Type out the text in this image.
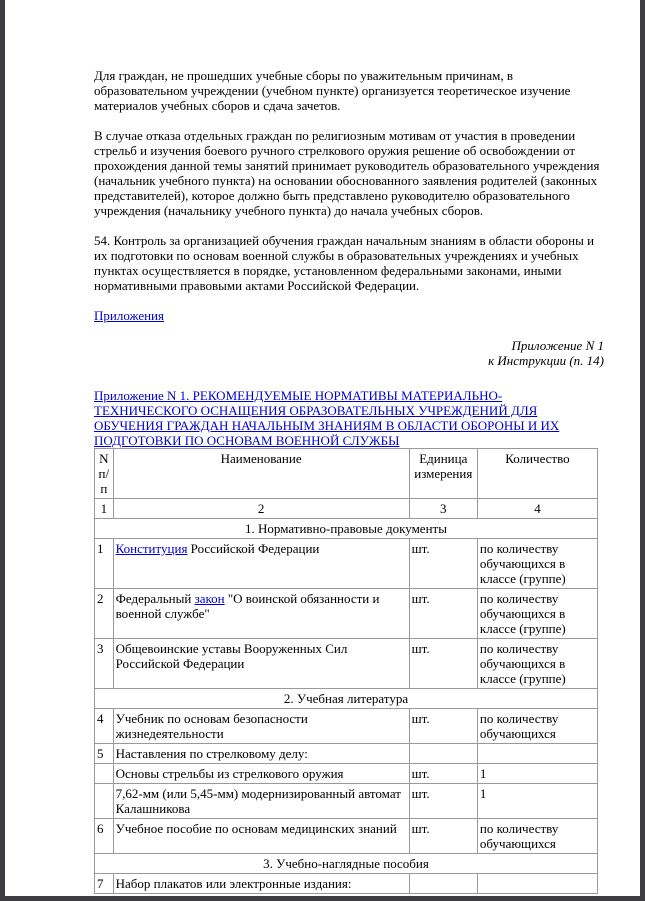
Для граждан, не прошедших учебные сборы по уважительным причинам, в образовательном учреждении (учебном пункте) организуется теоретическое изучение материалов учебных сборов и сдача зачетов.

В случае отказа отдельных граждан по религиозным мотивам от участия в проведении стрельб и изучения боевого ручного стрелкового оружия решение об освобождении от прохождения данной темы занятий принимает руководитель образовательного учреждения (начальник учебного пункта) на основании обоснованного заявления родителей (законных представителей), которое должно быть представлено руководителю образовательного учреждения (начальнику учебного пункта) до начала учебных сборов.

54. Контроль за организацией обучения граждан начальным знаниям в области обороны и их подготовки по основам военной службы в образовательных учреждениях и учебных пунктах осуществляется в порядке, установленном федеральными законами, иными нормативными правовыми актами Российской Федерации.

Приложения

Приложение N 1

к Инструкции (п. 14)

Приложение N 1. РЕКОМЕНДУЕМЫЕ НОРМАТИВЫ МАТЕРИАЛЬНО-ТЕХНИЧЕСКОГО ОСНАЩЕНИЯ ОБРАЗОВАТЕЛЬНЫХ УЧРЕЖДЕНИЙ ДЛЯ ОБУЧЕНИЯ ГРАЖДАН НАЧАЛЬНЫМ ЗНАНИЯМ В ОБЛАСТИ ОБОРОНЫ И ИХ ПОДГОТОВКИ ПО ОСНОВАМ ВОЕННОЙ СЛУЖБЫ
N п/п	Наименование	Единица измерения	Количество
1	2	3	4
1. Нормативно-правовые документы			
1	Конституция Российской Федерации	шт.	по количеству обучающихся в классе (группе)
2	Федеральный закон "О воинской обязанности и военной службе"	шт.	по количеству обучающихся в классе (группе)
3	Общевоинские уставы Вооруженных Сил Российской Федерации	шт.	по количеству обучающихся в классе (группе)
2. Учебная литература			
4	Учебник по основам безопасности жизнедеятельности	шт.	по количеству обучающихся
5	Наставления по стрелковому делу:		
	Основы стрельбы из стрелкового оружия	шт.	1
	7,62-мм (или 5,45-мм) модернизированный автомат Калашникова	шт.	1
6	Учебное пособие по основам медицинских знаний	шт.	по количеству обучающихся
3. Учебно-наглядные пособия			
7	Набор плакатов или электронные издания:		
